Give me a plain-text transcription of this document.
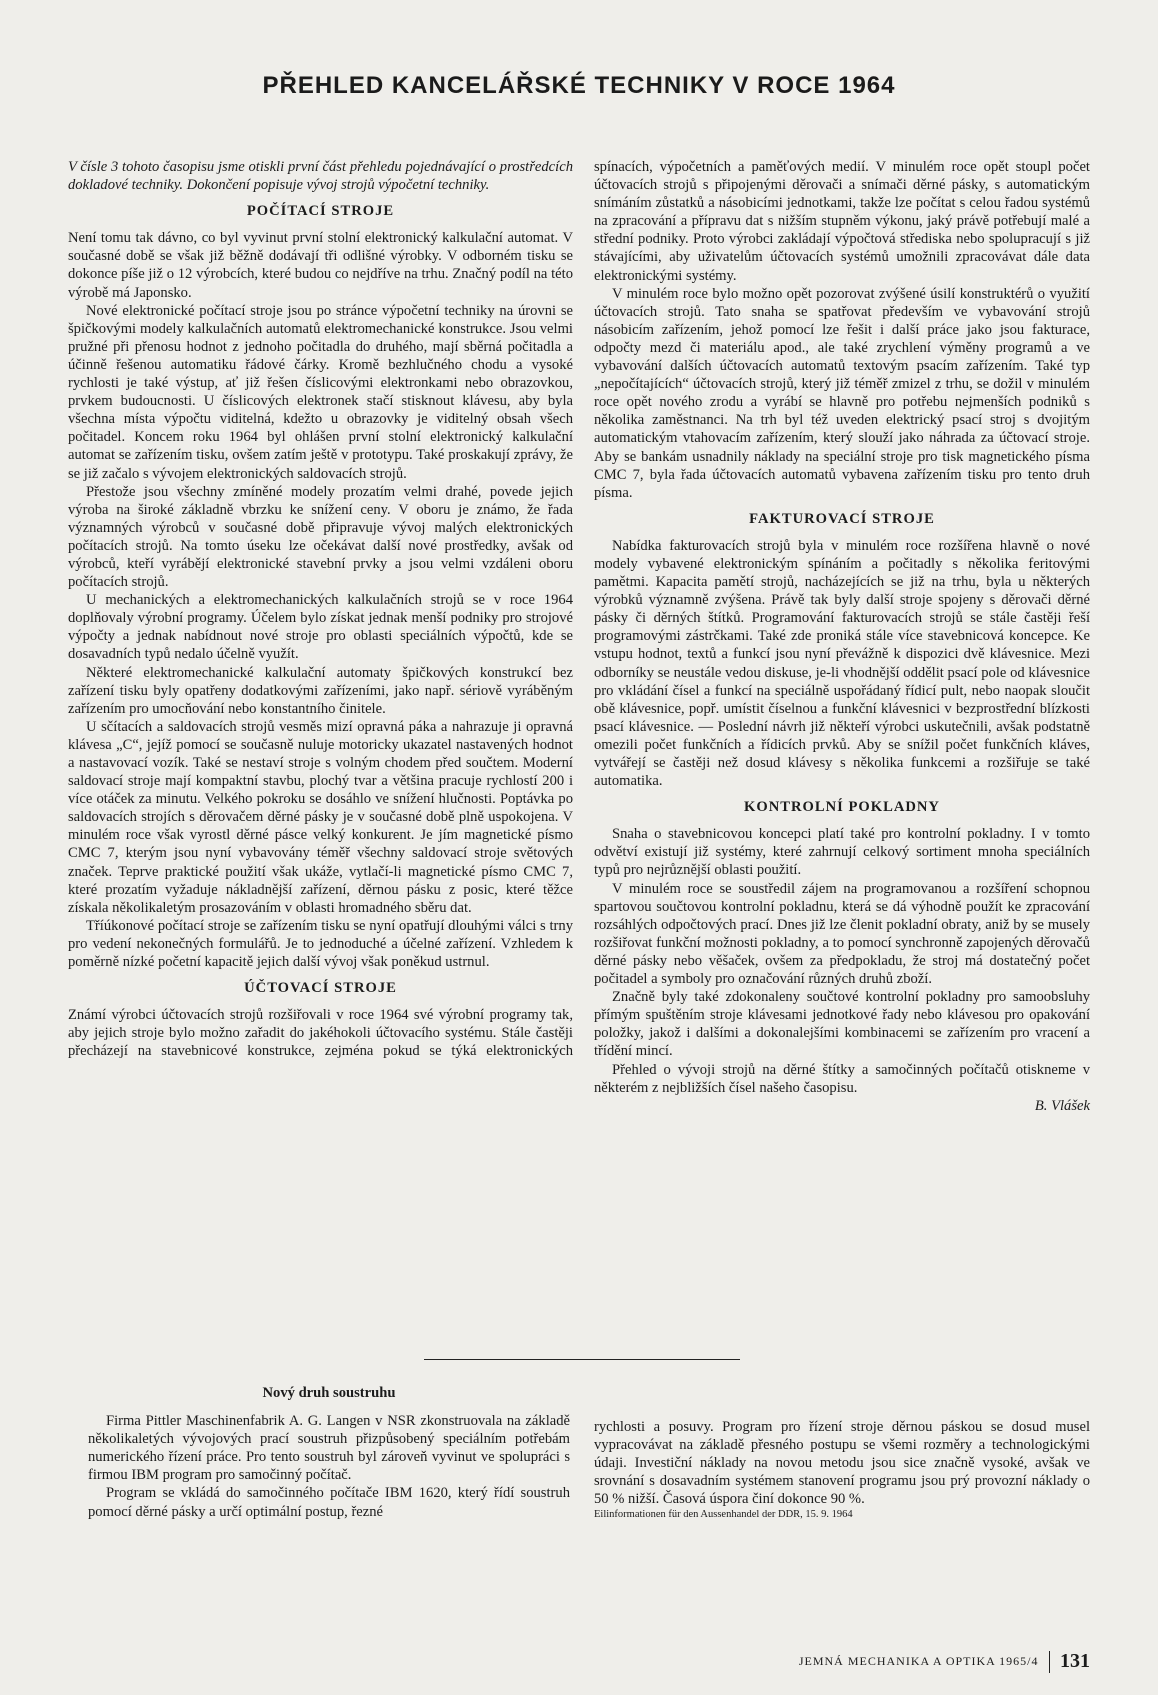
PŘEHLED KANCELÁŘSKÉ TECHNIKY V ROCE 1964

V čísle 3 tohoto časopisu jsme otiskli první část přehledu pojednávající o prostředcích dokladové techniky. Dokončení popisuje vývoj strojů výpočetní techniky.

POČÍTACÍ STROJE

Není tomu tak dávno, co byl vyvinut první stolní elektronický kalkulační automat. V současné době se však již běžně dodávají tři odlišné výrobky. V odborném tisku se dokonce píše již o 12 výrobcích, které budou co nejdříve na trhu. Značný podíl na této výrobě má Japonsko.

Nové elektronické počítací stroje jsou po stránce výpočetní techniky na úrovni se špičkovými modely kalkulačních automatů elektromechanické konstrukce. Jsou velmi pružné při přenosu hodnot z jednoho počitadla do druhého, mají sběrná počitadla a účinně řešenou automatiku řádové čárky. Kromě bezhlučného chodu a vysoké rychlosti je také výstup, ať již řešen číslicovými elektronkami nebo obrazovkou, prvkem budoucnosti. U číslicových elektronek stačí stisknout klávesu, aby byla všechna místa výpočtu viditelná, kdežto u obrazovky je viditelný obsah všech počitadel. Koncem roku 1964 byl ohlášen první stolní elektronický kalkulační automat se zařízením tisku, ovšem zatím ještě v prototypu. Také proskakují zprávy, že se již začalo s vývojem elektronických saldovacích strojů.

Přestože jsou všechny zmíněné modely prozatím velmi drahé, povede jejich výroba na široké základně vbrzku ke snížení ceny. V oboru je známo, že řada významných výrobců v současné době připravuje vývoj malých elektronických počítacích strojů. Na tomto úseku lze očekávat další nové prostředky, avšak od výrobců, kteří vyrábějí elektronické stavební prvky a jsou velmi vzdáleni oboru počítacích strojů.

U mechanických a elektromechanických kalkulačních strojů se v roce 1964 doplňovaly výrobní programy. Účelem bylo získat jednak menší podniky pro strojové výpočty a jednak nabídnout nové stroje pro oblasti speciálních výpočtů, kde se dosavadních typů nedalo účelně využít.

Některé elektromechanické kalkulační automaty špičkových konstrukcí bez zařízení tisku byly opatřeny dodatkovými zařízeními, jako např. sériově vyráběným zařízením pro umocňování nebo konstantního činitele.

U sčítacích a saldovacích strojů vesměs mizí opravná páka a nahrazuje ji opravná klávesa „C“, jejíž pomocí se současně nuluje motoricky ukazatel nastavených hodnot a nastavovací vozík. Také se nestaví stroje s volným chodem před součtem. Moderní saldovací stroje mají kompaktní stavbu, plochý tvar a většina pracuje rychlostí 200 i více otáček za minutu. Velkého pokroku se dosáhlo ve snížení hlučnosti. Poptávka po saldovacích strojích s děrovačem děrné pásky je v současné době plně uspokojena. V minulém roce však vyrostl děrné pásce velký konkurent. Je jím magnetické písmo CMC 7, kterým jsou nyní vybavovány téměř všechny saldovací stroje světových značek. Teprve praktické použití však ukáže, vytlačí-li magnetické písmo CMC 7, které prozatím vyžaduje nákladnější zařízení, děrnou pásku z posic, které těžce získala několikaletým prosazováním v oblasti hromadného sběru dat.

Tříúkonové počítací stroje se zařízením tisku se nyní opatřují dlouhými válci s trny pro vedení nekonečných formulářů. Je to jednoduché a účelné zařízení. Vzhledem k poměrně nízké početní kapacitě jejich další vývoj však poněkud ustrnul.

ÚČTOVACÍ STROJE

Známí výrobci účtovacích strojů rozšiřovali v roce 1964 své výrobní programy tak, aby jejich stroje bylo možno zařadit do jakéhokoli účtovacího systému. Stále častěji přecházejí na stavebnicové konstrukce, zejména pokud se týká elektronických

spínacích, výpočetních a paměťových medií. V minulém roce opět stoupl počet účtovacích strojů s připojenými děrovači a snímači děrné pásky, s automatickým snímáním zůstatků a násobicími jednotkami, takže lze počítat s celou řadou systémů na zpracování a přípravu dat s nižším stupněm výkonu, jaký právě potřebují malé a střední podniky. Proto výrobci zakládají výpočtová střediska nebo spolupracují s již stávajícími, aby uživatelům účtovacích systémů umožnili zpracovávat dále data elektronickými systémy.

V minulém roce bylo možno opět pozorovat zvýšené úsilí konstruktérů o využití účtovacích strojů. Tato snaha se spatřovat především ve vybavování strojů násobicím zařízením, jehož pomocí lze řešit i další práce jako jsou fakturace, odpočty mezd či materiálu apod., ale také zrychlení výměny programů a ve vybavování dalších účtovacích automatů textovým psacím zařízením. Také typ „nepočítajících“ účtovacích strojů, který již téměř zmizel z trhu, se dožil v minulém roce opět nového zrodu a vyrábí se hlavně pro potřebu nejmenších podniků s několika zaměstnanci. Na trh byl též uveden elektrický psací stroj s dvojitým automatickým vtahovacím zařízením, který slouží jako náhrada za účtovací stroje. Aby se bankám usnadnily náklady na speciální stroje pro tisk magnetického písma CMC 7, byla řada účtovacích automatů vybavena zařízením tisku pro tento druh písma.

FAKTUROVACÍ STROJE

Nabídka fakturovacích strojů byla v minulém roce rozšířena hlavně o nové modely vybavené elektronickým spínáním a počitadly s několika feritovými pamětmi. Kapacita pamětí strojů, nacházejících se již na trhu, byla u některých výrobků významně zvýšena. Právě tak byly další stroje spojeny s děrovači děrné pásky či děrných štítků. Programování fakturovacích strojů se stále častěji řeší programovými zástrčkami. Také zde proniká stále více stavebnicová koncepce. Ke vstupu hodnot, textů a funkcí jsou nyní převážně k dispozici dvě klávesnice. Mezi odborníky se neustále vedou diskuse, je-li vhodnější oddělit psací pole od klávesnice pro vkládání čísel a funkcí na speciálně uspořádaný řídicí pult, nebo naopak sloučit obě klávesnice, popř. umístit číselnou a funkční klávesnici v bezprostřední blízkosti psací klávesnice. — Poslední návrh již někteří výrobci uskutečnili, avšak podstatně omezili počet funkčních a řídicích prvků. Aby se snížil počet funkčních kláves, vytvářejí se častěji než dosud klávesy s několika funkcemi a rozšiřuje se také automatika.

KONTROLNÍ POKLADNY

Snaha o stavebnicovou koncepci platí také pro kontrolní pokladny. I v tomto odvětví existují již systémy, které zahrnují celkový sortiment mnoha speciálních typů pro nejrůznější oblasti použití.

V minulém roce se soustředil zájem na programovanou a rozšíření schopnou spartovou součtovou kontrolní pokladnu, která se dá výhodně použít ke zpracování rozsáhlých odpočtových prací. Dnes již lze členit pokladní obraty, aniž by se musely rozšiřovat funkční možnosti pokladny, a to pomocí synchronně zapojených děrovačů děrné pásky nebo věšaček, ovšem za předpokladu, že stroj má dostatečný počet počitadel a symboly pro označování různých druhů zboží.

Značně byly také zdokonaleny součtové kontrolní pokladny pro samoobsluhy přímým spuštěním stroje klávesami jednotkové řady nebo klávesou pro opakování položky, jakož i dalšími a dokonalejšími kombinacemi se zařízením pro vracení a třídění mincí.

Přehled o vývoji strojů na děrné štítky a samočinných počítačů otiskneme v některém z nejbližších čísel našeho časopisu.

B. Vlášek

Nový druh soustruhu

Firma Pittler Maschinenfabrik A. G. Langen v NSR zkonstruovala na základě několikaletých vývojových prací soustruh přizpůsobený speciálním potřebám numerického řízení práce. Pro tento soustruh byl zároveň vyvinut ve spolupráci s firmou IBM program pro samočinný počítač.

Program se vkládá do samočinného počítače IBM 1620, který řídí soustruh pomocí děrné pásky a určí optimální postup, řezné

rychlosti a posuvy. Program pro řízení stroje děrnou páskou se dosud musel vypracovávat na základě přesného postupu se všemi rozměry a technologickými údaji. Investiční náklady na novou metodu jsou sice značně vysoké, avšak ve srovnání s dosavadním systémem stanovení programu jsou prý provozní náklady o 50 % nižší. Časová úspora činí dokonce 90 %.

Eilinformationen für den Aussenhandel der DDR, 15. 9. 1964

JEMNÁ MECHANIKA A OPTIKA 1965/4 131
